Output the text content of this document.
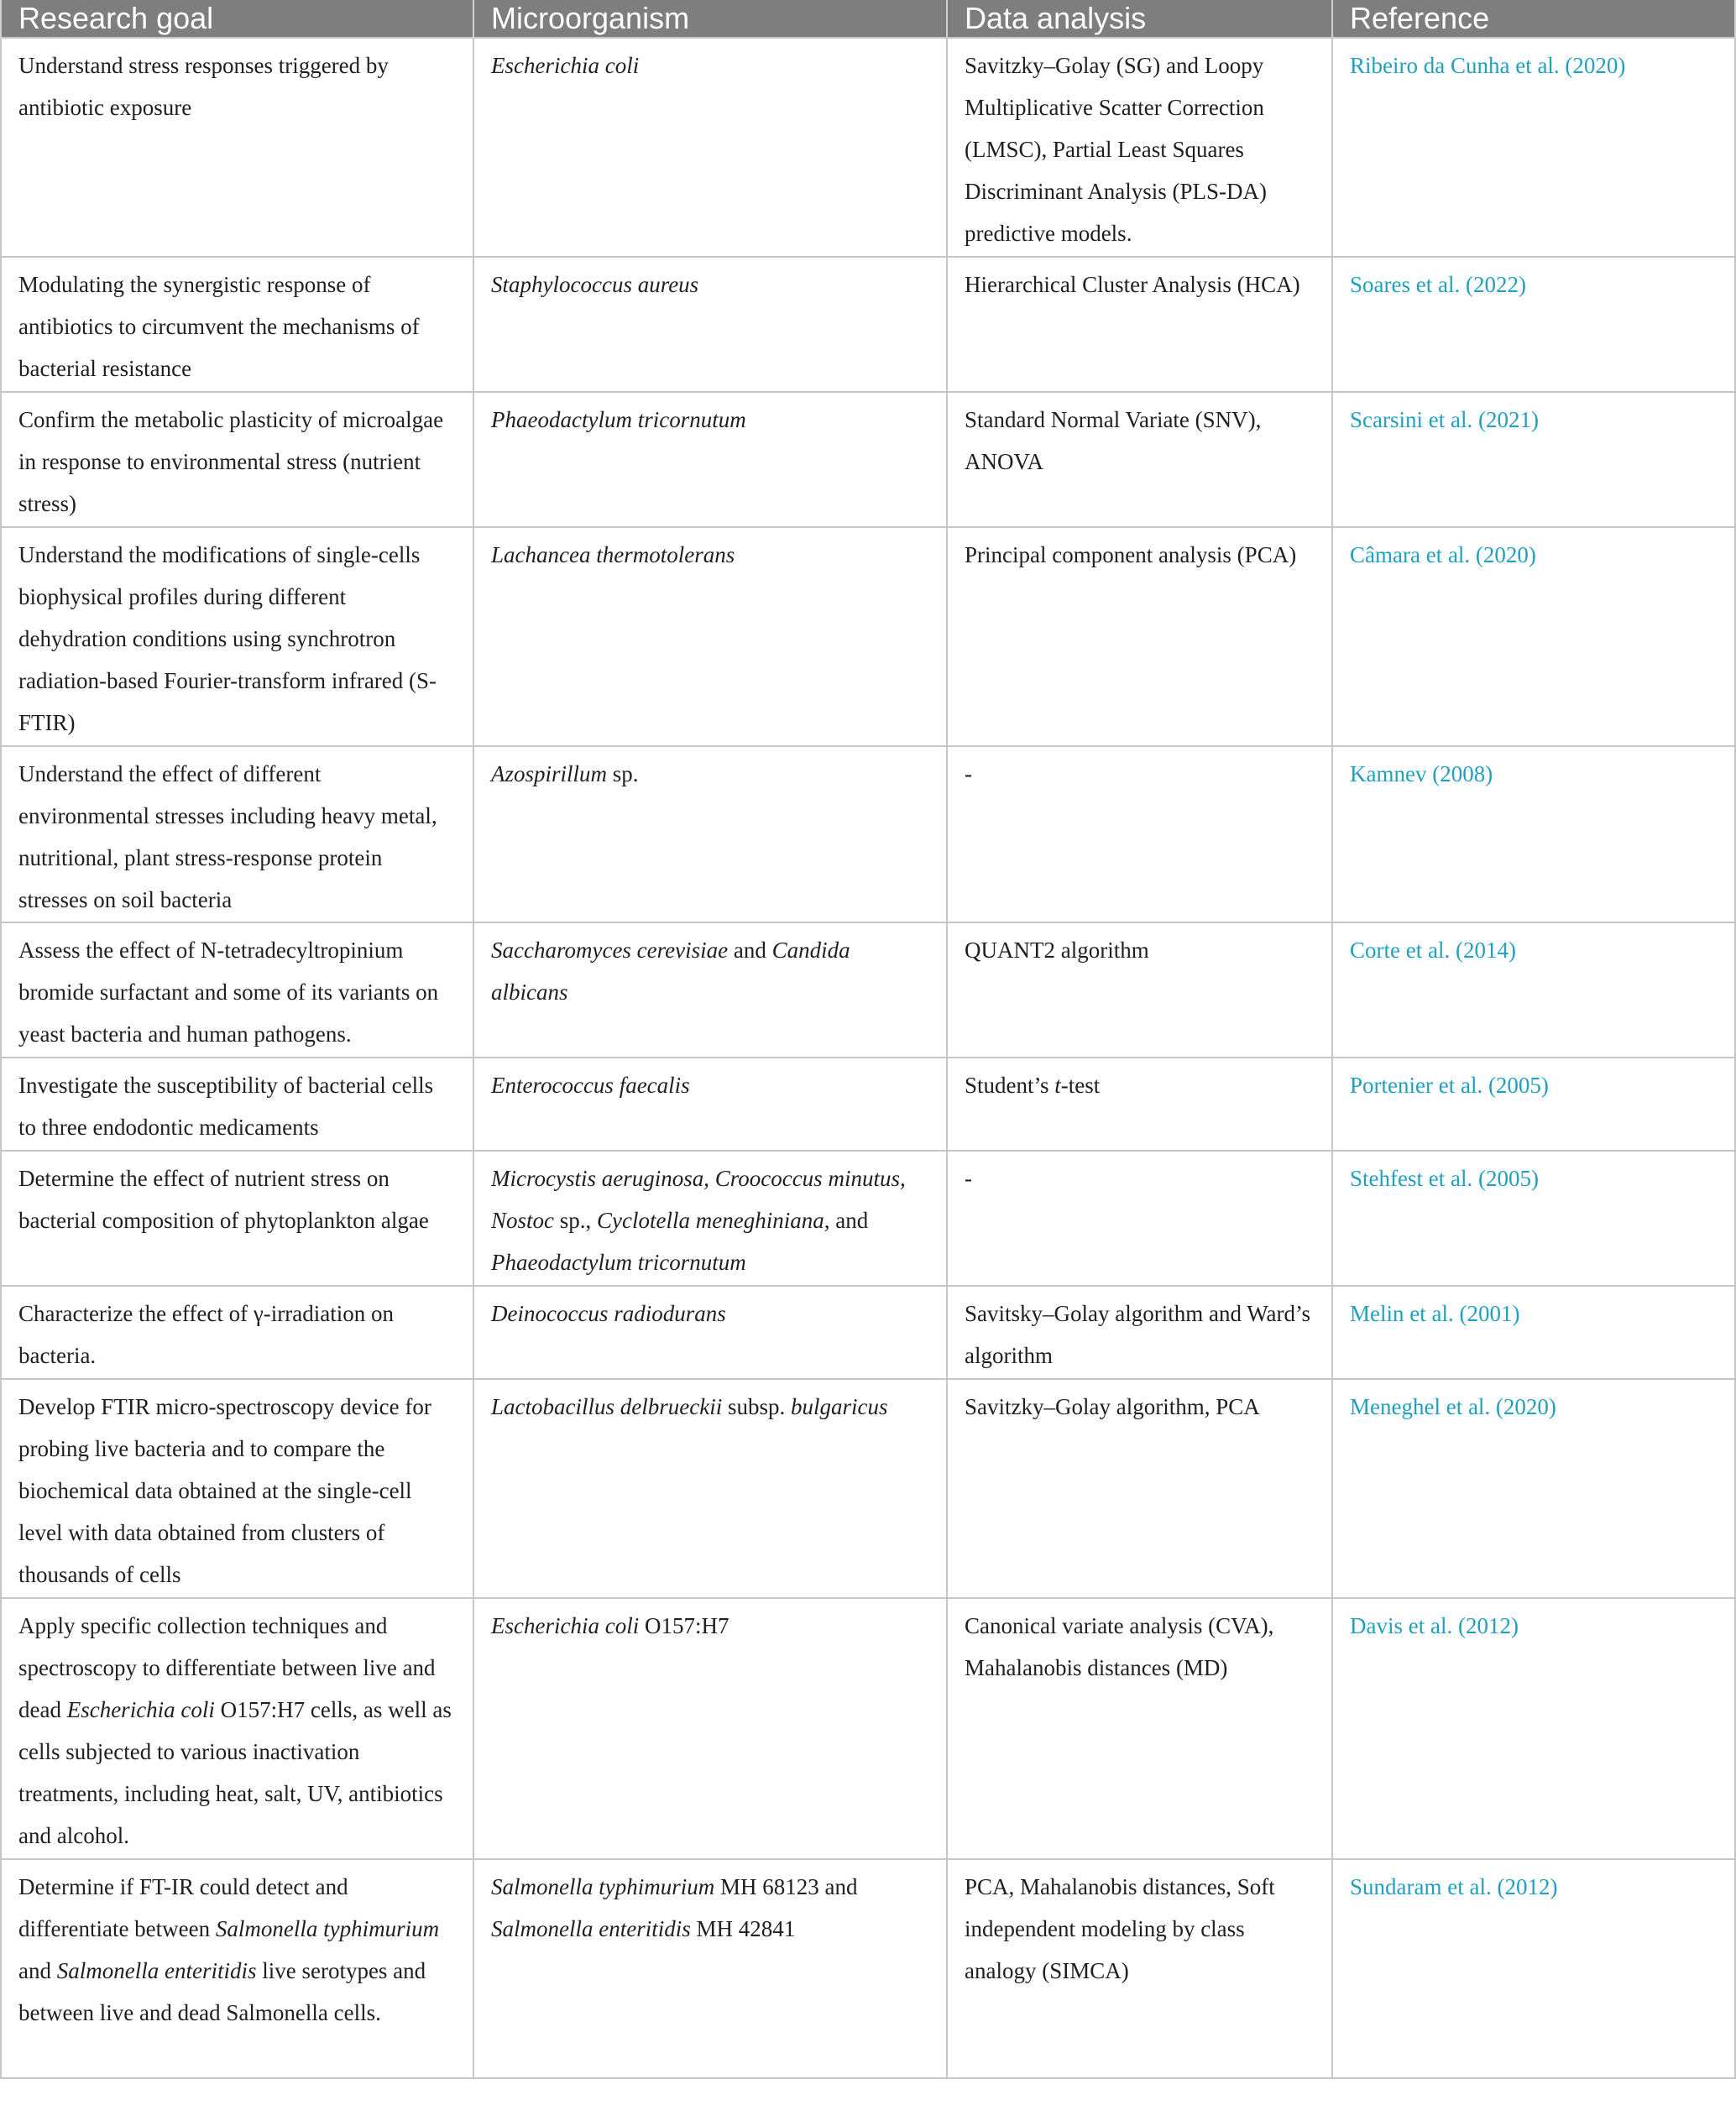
Research goal	Microorganism	Data analysis	Reference
Understand stress responses triggered by antibiotic exposure	Escherichia coli	Savitzky–Golay (SG) and Loopy Multiplicative Scatter Correction (LMSC), Partial Least Squares Discriminant Analysis (PLS-DA) predictive models.	Ribeiro da Cunha et al. (2020)
Modulating the synergistic response of antibiotics to circumvent the mechanisms of bacterial resistance	Staphylococcus aureus	Hierarchical Cluster Analysis (HCA)	Soares et al. (2022)
Confirm the metabolic plasticity of microalgae in response to environmental stress (nutrient stress)	Phaeodactylum tricornutum	Standard Normal Variate (SNV), ANOVA	Scarsini et al. (2021)
Understand the modifications of single-cells biophysical profiles during different dehydration conditions using synchrotron radiation-based Fourier-transform infrared (S-FTIR)	Lachancea thermotolerans	Principal component analysis (PCA)	Câmara et al. (2020)
Understand the effect of different environmental stresses including heavy metal, nutritional, plant stress-response protein stresses on soil bacteria	Azospirillum sp.	-	Kamnev (2008)
Assess the effect of N-tetradecyltropinium bromide surfactant and some of its variants on yeast bacteria and human pathogens.	Saccharomyces cerevisiae and Candida albicans	QUANT2 algorithm	Corte et al. (2014)
Investigate the susceptibility of bacterial cells to three endodontic medicaments	Enterococcus faecalis	Student’s t-test	Portenier et al. (2005)
Determine the effect of nutrient stress on bacterial composition of phytoplankton algae	Microcystis aeruginosa, Croococcus minutus, Nostoc sp., Cyclotella meneghiniana, and Phaeodactylum tricornutum	-	Stehfest et al. (2005)
Characterize the effect of γ-irradiation on bacteria.	Deinococcus radiodurans	Savitsky–Golay algorithm and Ward’s algorithm	Melin et al. (2001)
Develop FTIR micro-spectroscopy device for probing live bacteria and to compare the biochemical data obtained at the single-cell level with data obtained from clusters of thousands of cells	Lactobacillus delbrueckii subsp. bulgaricus	Savitzky–Golay algorithm, PCA	Meneghel et al. (2020)
Apply specific collection techniques and spectroscopy to differentiate between live and dead Escherichia coli O157:H7 cells, as well as cells subjected to various inactivation treatments, including heat, salt, UV, antibiotics and alcohol.	Escherichia coli O157:H7	Canonical variate analysis (CVA), Mahalanobis distances (MD)	Davis et al. (2012)
Determine if FT-IR could detect and differentiate between Salmonella typhimurium and Salmonella enteritidis live serotypes and between live and dead Salmonella cells.	Salmonella typhimurium MH 68123 and Salmonella enteritidis MH 42841	PCA, Mahalanobis distances, Soft independent modeling by class analogy (SIMCA)	Sundaram et al. (2012)
